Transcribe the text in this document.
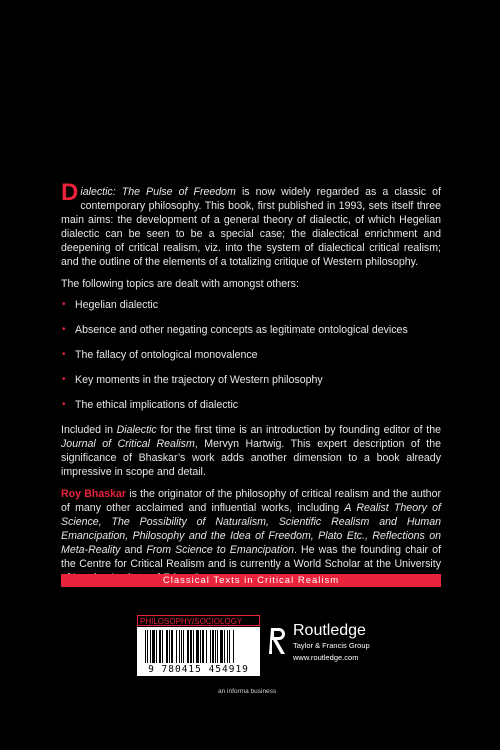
Dialectic: The Pulse of Freedom is now widely regarded as a classic of contemporary philosophy. This book, first published in 1993, sets itself three main aims: the development of a general theory of dialectic, of which Hegelian dialectic can be seen to be a special case; the dialectical enrichment and deepening of critical realism, viz. into the system of dialectical critical realism; and the outline of the elements of a totalizing critique of Western philosophy.

The following topics are dealt with amongst others:

• Hegelian dialectic
• Absence and other negating concepts as legitimate ontological devices
• The fallacy of ontological monovalence
• Key moments in the trajectory of Western philosophy
• The ethical implications of dialectic

Included in Dialectic for the first time is an introduction by founding editor of the Journal of Critical Realism, Mervyn Hartwig. This expert description of the significance of Bhaskar’s work adds another dimension to a book already impressive in scope and detail.

Roy Bhaskar is the originator of the philosophy of critical realism and the author of many other acclaimed and influential works, including A Realist Theory of Science, The Possibility of Naturalism, Scientific Realism and Human Emancipation, Philosophy and the Idea of Freedom, Plato Etc., Reflections on Meta-Reality and From Science to Emancipation. He was the founding chair of the Centre for Critical Realism and is currently a World Scholar at the University

Classical Texts in Critical Realism
PHILOSOPHY/SOCIOLOGY
9 780415 454919
Routledge
Taylor & Francis Group
www.routledge.com
an informa business
